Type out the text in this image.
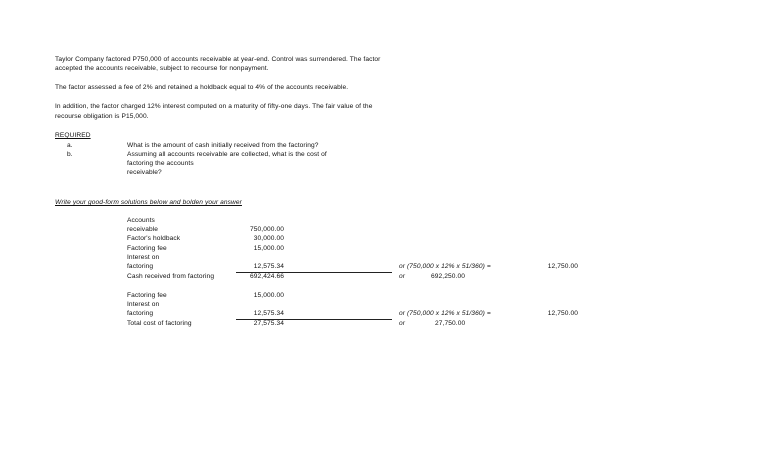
Taylor Company factored P750,000 of accounts receivable at year-end. Control was surrendered. The factor
accepted the accounts receivable, subject to recourse for nonpayment.
The factor assessed a fee of 2% and retained a holdback equal to 4% of the accounts receivable.
In addition, the factor charged 12% interest computed on a maturity of fifty-one days. The fair value of the
recourse obligation is P15,000.
REQUIRED
a.	What is the amount of cash initially received from the factoring?
b.	Assuming all accounts receivable are collected, what is the cost of
factoring the accounts
receivable?
Write your good-form solutions below and bolden your answer
Accounts
receivable	750,000.00
Factor's holdback	30,000.00
Factoring fee	15,000.00
Interest on
factoring	12,575.34	or (750,000 x 12% x 51/360) =	12,750.00
Cash received from factoring	692,424.66	or	692,250.00
Factoring fee	15,000.00
Interest on
factoring	12,575.34	or (750,000 x 12% x 51/360) =	12,750.00
Total cost of factoring	27,575.34	or	27,750.00
